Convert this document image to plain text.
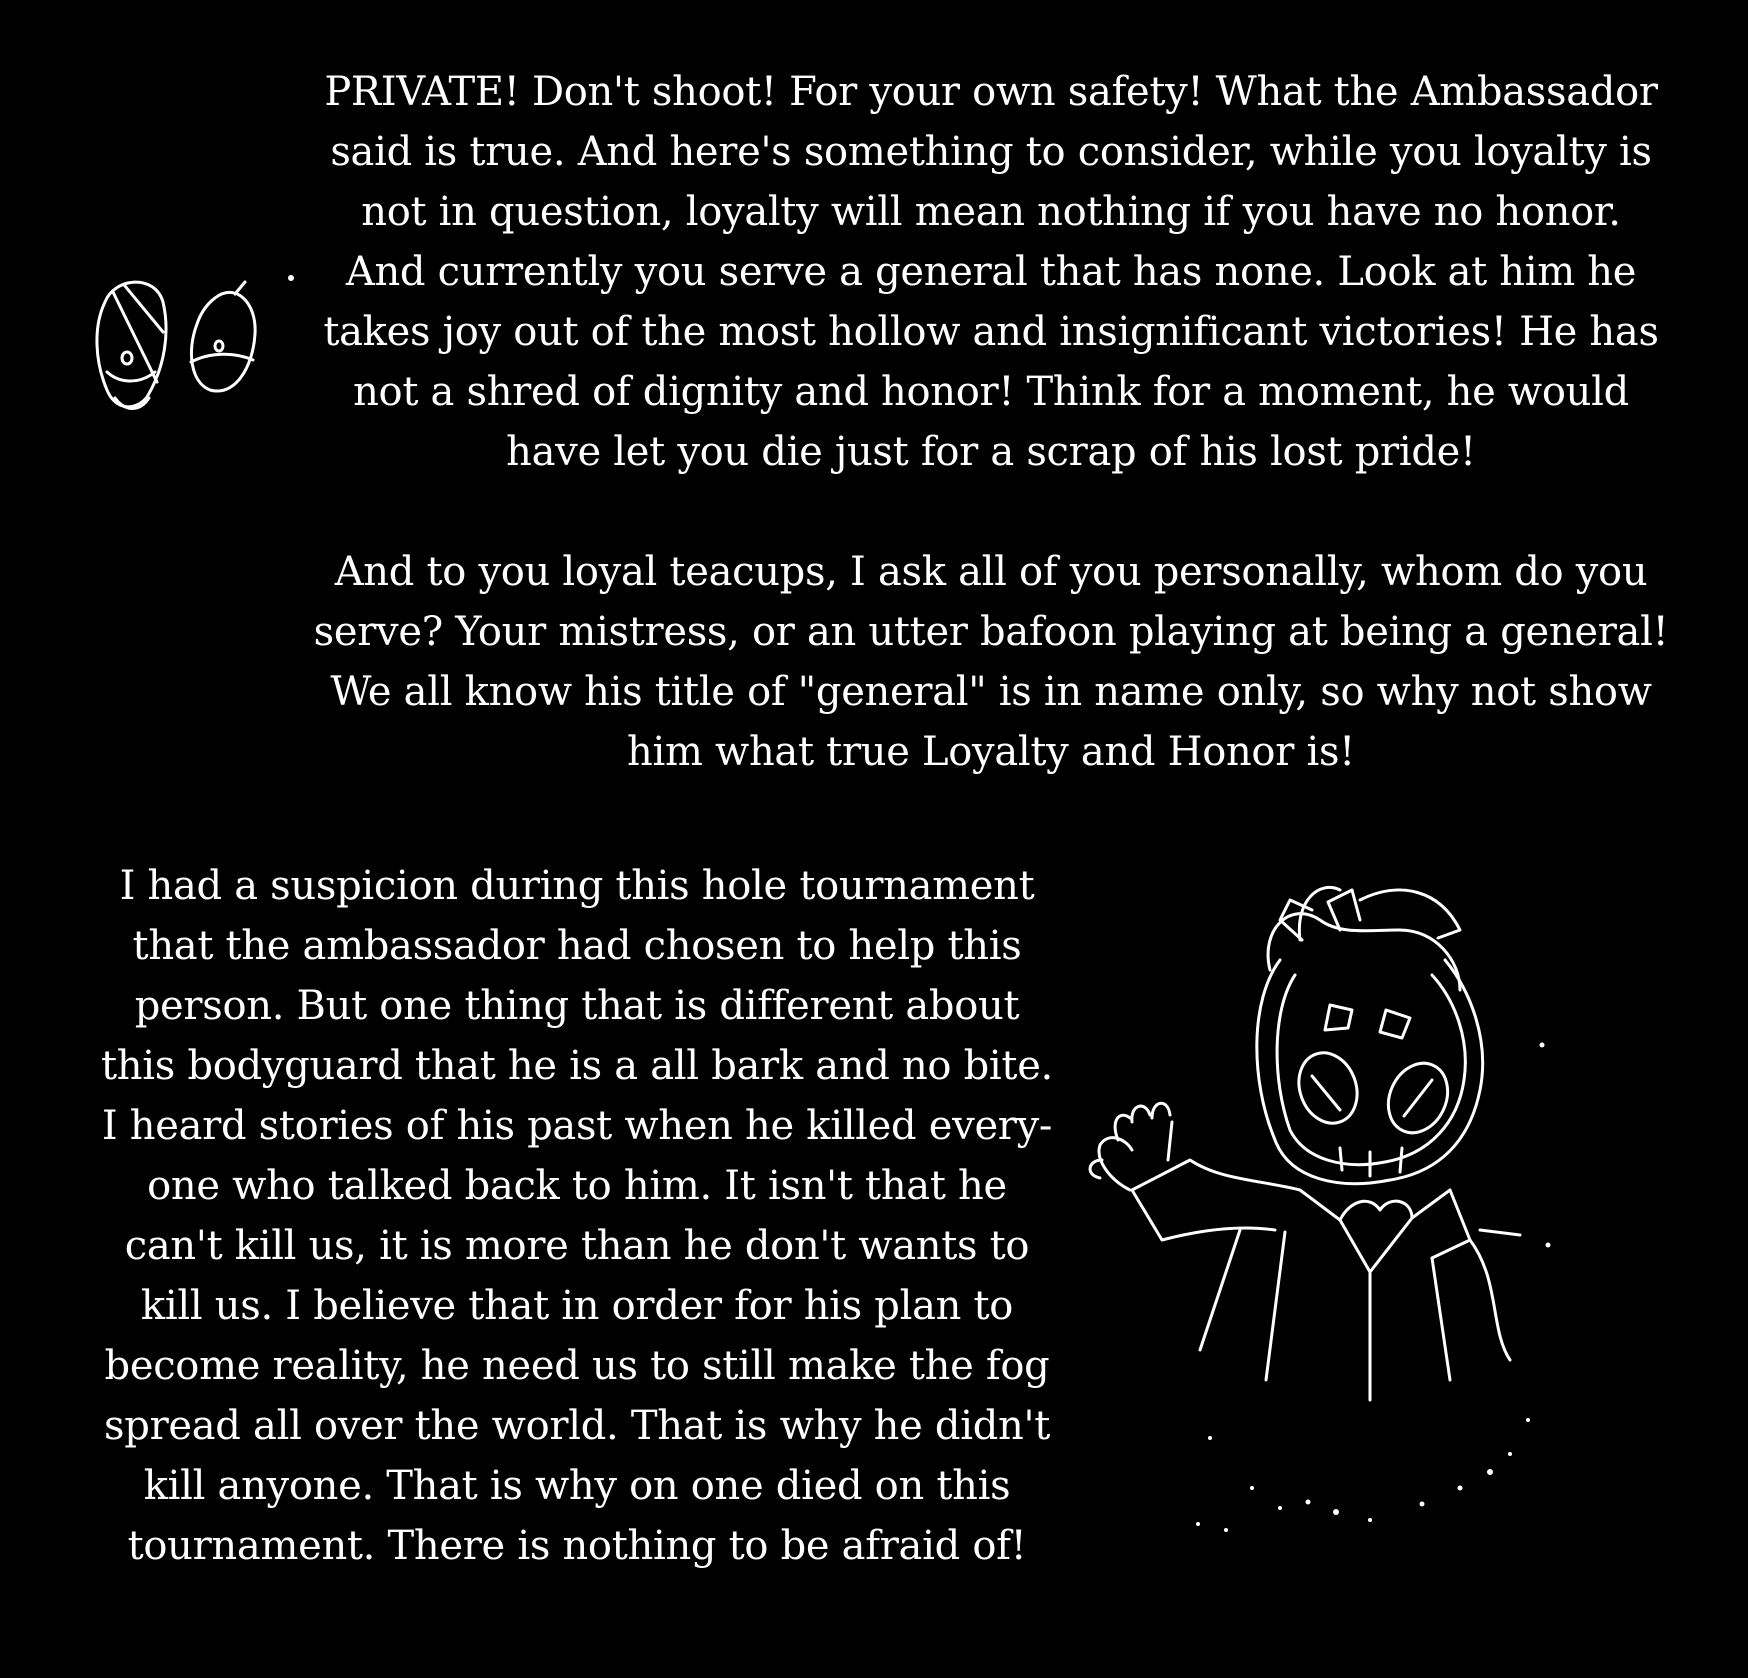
PRIVATE! Don't shoot! For your own safety! What the Ambassador
said is true. And here's something to consider, while you loyalty is
not in question, loyalty will mean nothing if you have no honor.
And currently you serve a general that has none. Look at him he
takes joy out of the most hollow and insignificant victories! He has
not a shred of dignity and honor! Think for a moment, he would
have let you die just for a scrap of his lost pride!

And to you loyal teacups, I ask all of you personally, whom do you
serve? Your mistress, or an utter bafoon playing at being a general!
We all know his title of "general" is in name only, so why not show
him what true Loyalty and Honor is!

I had a suspicion during this hole tournament
that the ambassador had chosen to help this
person. But one thing that is different about
this bodyguard that he is a all bark and no bite.
I heard stories of his past when he killed every-
one who talked back to him. It isn't that he
can't kill us, it is more than he don't wants to
kill us. I believe that in order for his plan to
become reality, he need us to still make the fog
spread all over the world. That is why he didn't
kill anyone. That is why on one died on this
tournament. There is nothing to be afraid of!
